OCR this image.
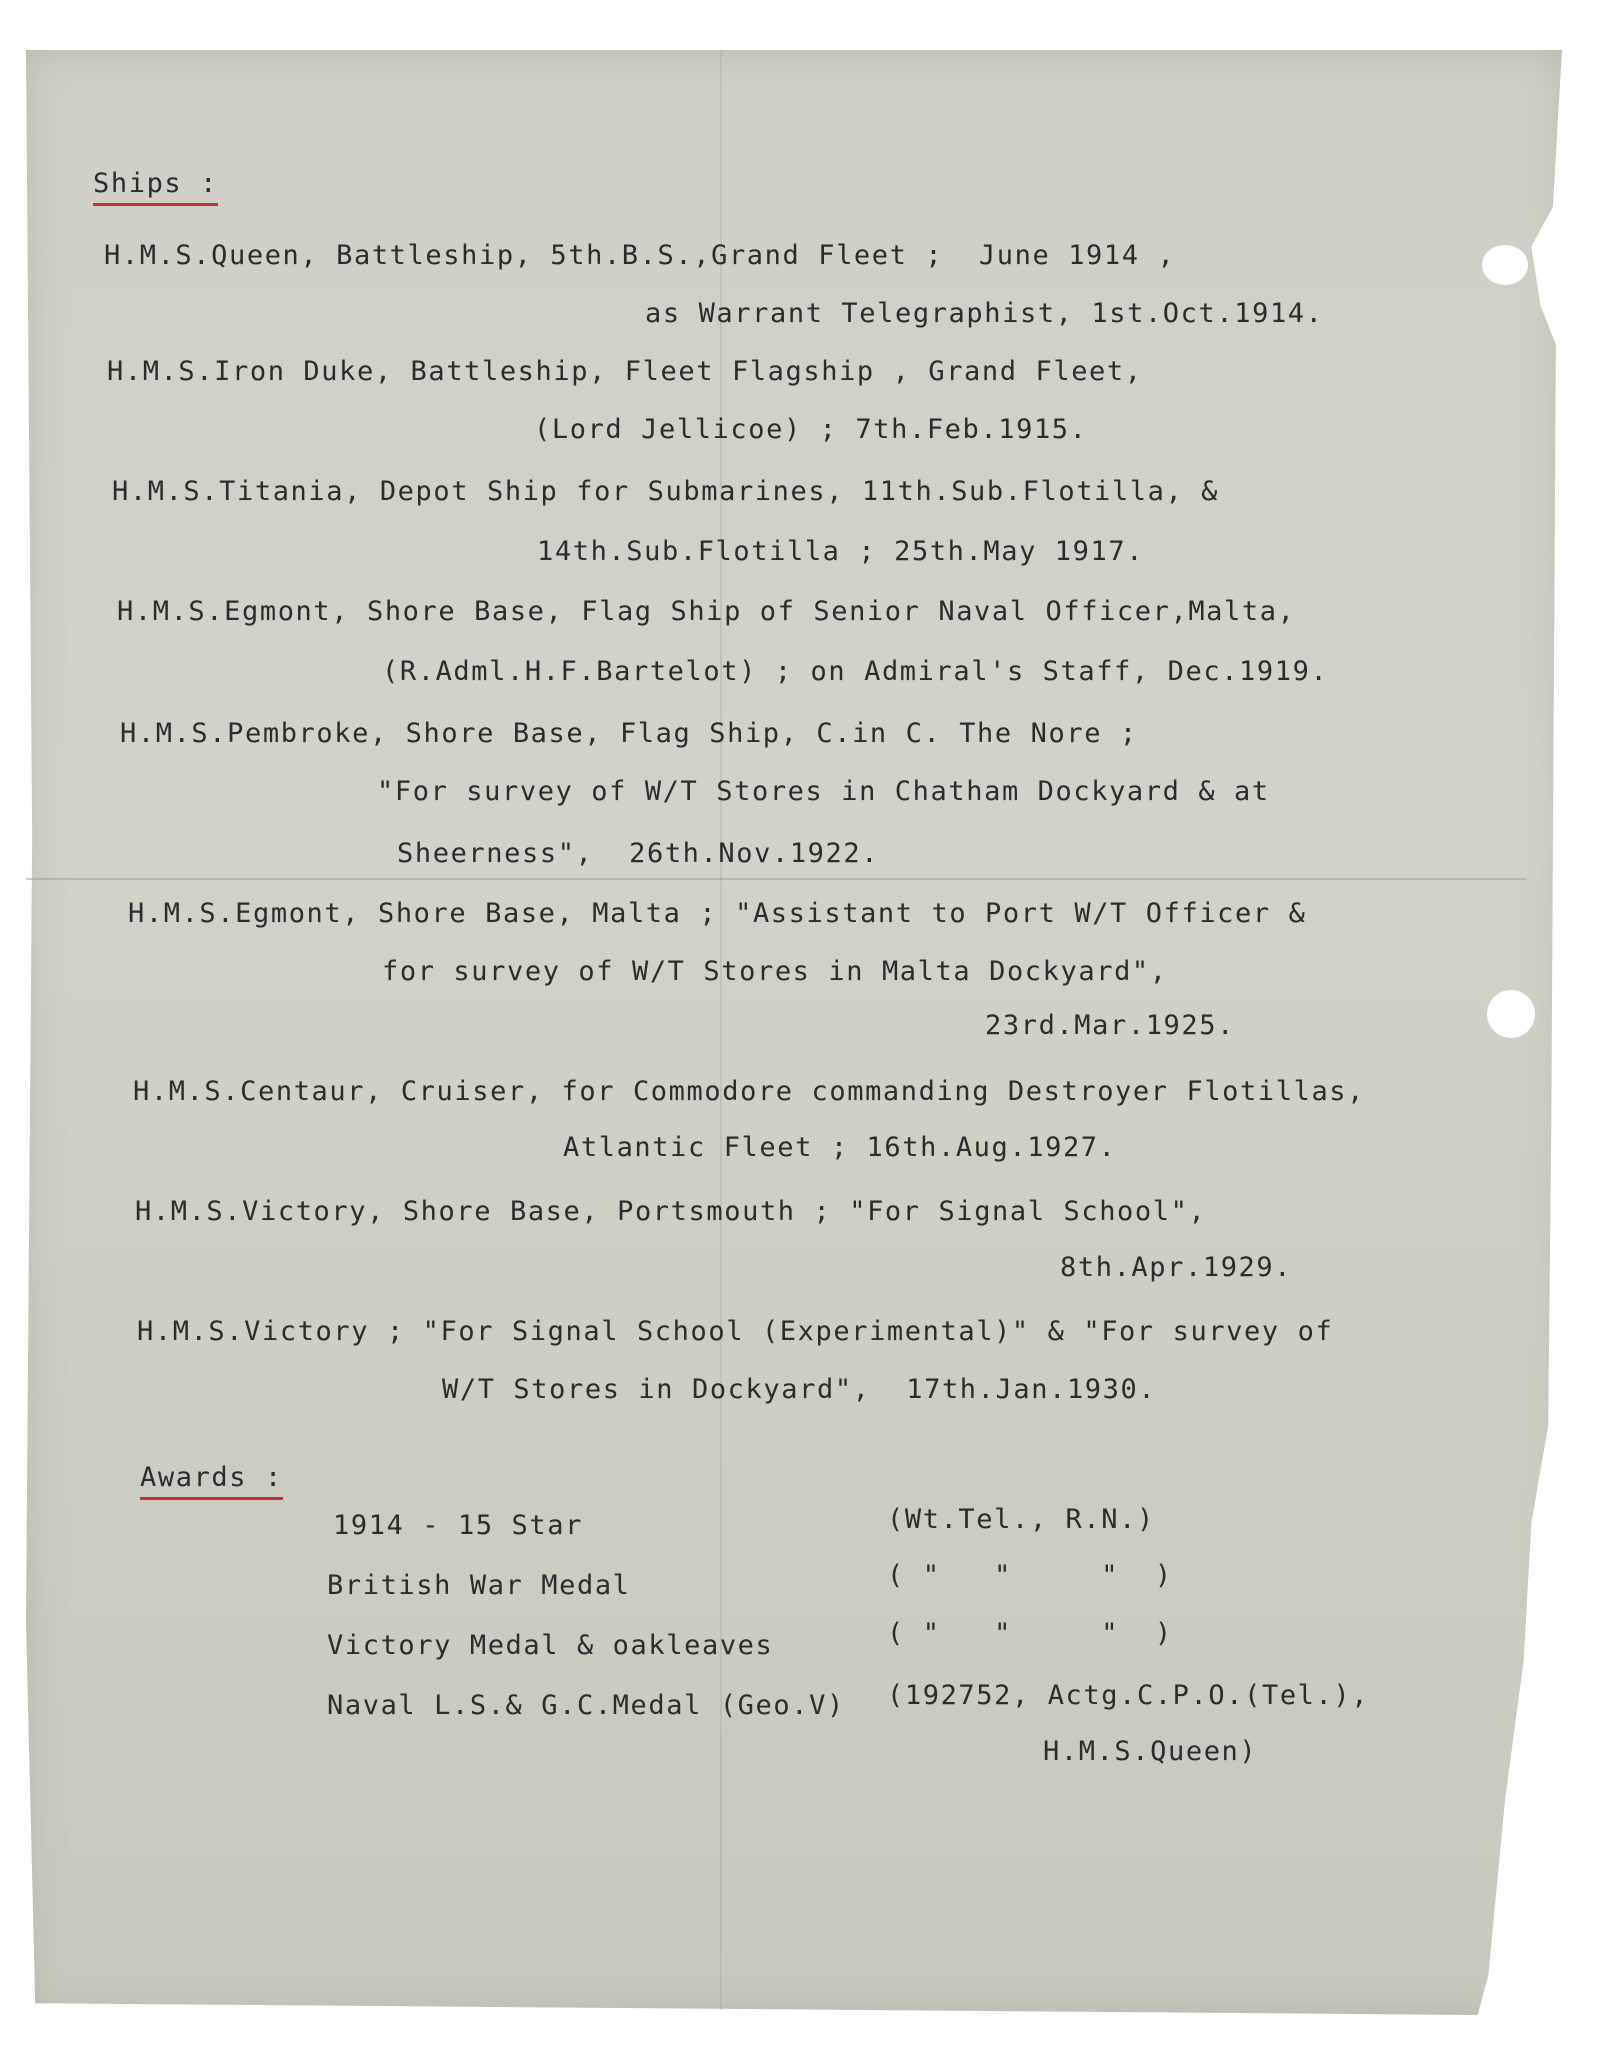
Ships :
H.M.S.Queen, Battleship, 5th.B.S.,Grand Fleet ;  June 1914 ,
as Warrant Telegraphist, 1st.Oct.1914.
H.M.S.Iron Duke, Battleship, Fleet Flagship , Grand Fleet,
(Lord Jellicoe) ; 7th.Feb.1915.
H.M.S.Titania, Depot Ship for Submarines, 11th.Sub.Flotilla, &
14th.Sub.Flotilla ; 25th.May 1917.
H.M.S.Egmont, Shore Base, Flag Ship of Senior Naval Officer,Malta,
(R.Adml.H.F.Bartelot) ; on Admiral's Staff, Dec.1919.
H.M.S.Pembroke, Shore Base, Flag Ship, C.in C. The Nore ;
"For survey of W/T Stores in Chatham Dockyard & at
Sheerness",  26th.Nov.1922.
H.M.S.Egmont, Shore Base, Malta ; "Assistant to Port W/T Officer &
for survey of W/T Stores in Malta Dockyard",
23rd.Mar.1925.
H.M.S.Centaur, Cruiser, for Commodore commanding Destroyer Flotillas,
Atlantic Fleet ; 16th.Aug.1927.
H.M.S.Victory, Shore Base, Portsmouth ; "For Signal School",
8th.Apr.1929.
H.M.S.Victory ; "For Signal School (Experimental)" & "For survey of
W/T Stores in Dockyard",  17th.Jan.1930.
Awards :
1914 - 15 Star	(Wt.Tel., R.N.)
British War Medal	( "   "     "  )
Victory Medal & oakleaves	( "   "     "  )
Naval L.S.& G.C.Medal (Geo.V) (192752, Actg.C.P.O.(Tel.),
H.M.S.Queen)
